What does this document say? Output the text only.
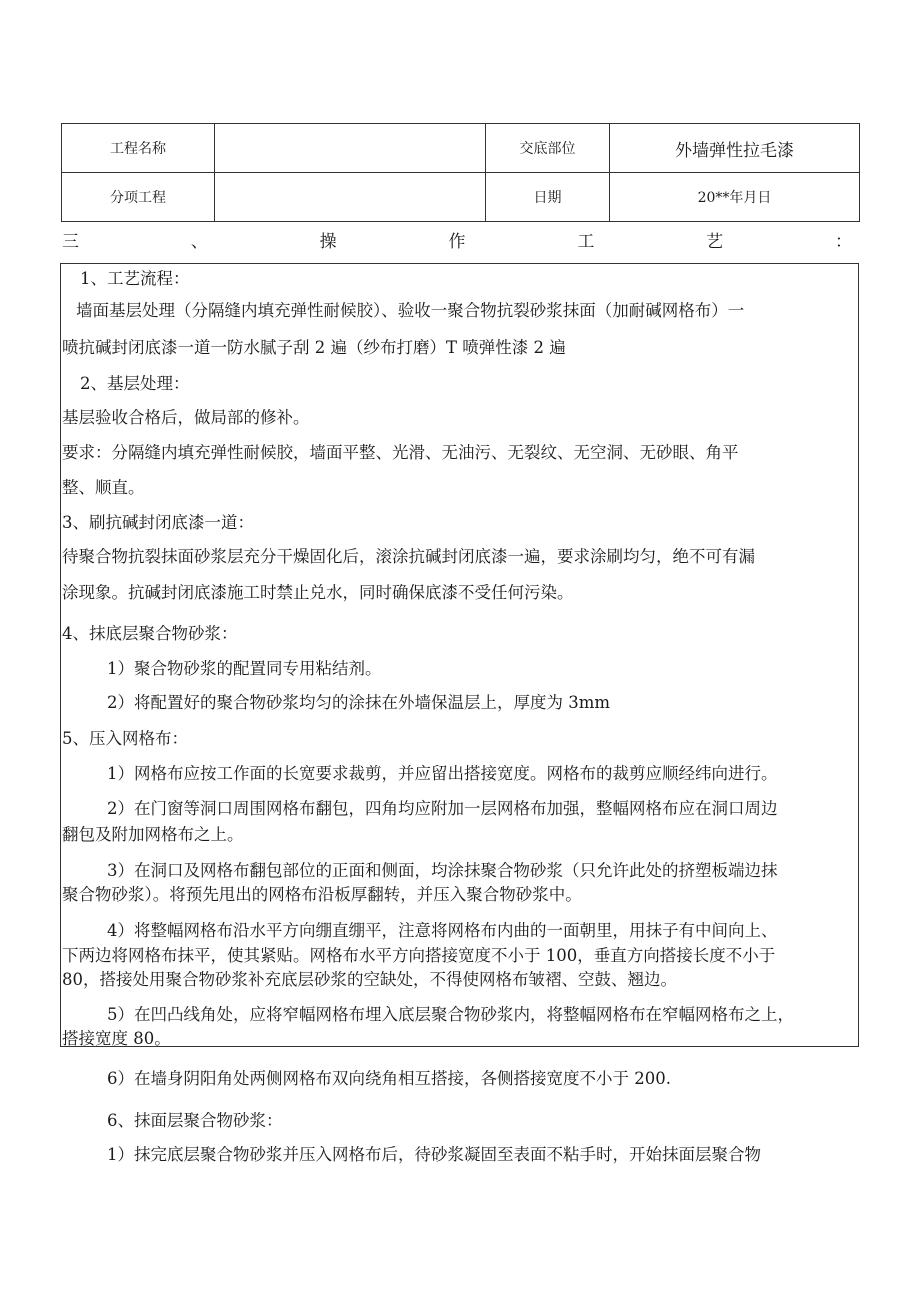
工程名称		交底部位	外墙弹性拉毛漆
分项工程		日期	20**年月日
三	、	操	作	工	艺	：
1、工艺流程：
墙面基层处理（分隔缝内填充弹性耐候胶）、验收一聚合物抗裂砂浆抹面（加耐碱网格布）一
喷抗碱封闭底漆一道一防水腻子刮 2 遍（纱布打磨）T 喷弹性漆 2 遍
2、基层处理：
基层验收合格后，做局部的修补。
要求：分隔缝内填充弹性耐候胶，墙面平整、光滑、无油污、无裂纹、无空洞、无砂眼、角平
整、顺直。
3、刷抗碱封闭底漆一道：
待聚合物抗裂抹面砂浆层充分干燥固化后，滚涂抗碱封闭底漆一遍，要求涂刷均匀，绝不可有漏
涂现象。抗碱封闭底漆施工时禁止兑水，同时确保底漆不受任何污染。
4、抹底层聚合物砂浆：
1）聚合物砂浆的配置同专用粘结剂。
2）将配置好的聚合物砂浆均匀的涂抹在外墙保温层上，厚度为 3mm
5、压入网格布：
1）网格布应按工作面的长宽要求裁剪，并应留出搭接宽度。网格布的裁剪应顺经纬向进行。
2）在门窗等洞口周围网格布翻包，四角均应附加一层网格布加强，整幅网格布应在洞口周边
翻包及附加网格布之上。
3）在洞口及网格布翻包部位的正面和侧面，均涂抹聚合物砂浆（只允许此处的挤塑板端边抹
聚合物砂浆）。将预先甩出的网格布沿板厚翻转，并压入聚合物砂浆中。
4）将整幅网格布沿水平方向绷直绷平，注意将网格布内曲的一面朝里，用抹子有中间向上、
下两边将网格布抹平，使其紧贴。网格布水平方向搭接宽度不小于 100，垂直方向搭接长度不小于
80，搭接处用聚合物砂浆补充底层砂浆的空缺处，不得使网格布皱褶、空鼓、翘边。
5）在凹凸线角处，应将窄幅网格布埋入底层聚合物砂浆内，将整幅网格布在窄幅网格布之上，
搭接宽度 80。
6）在墙身阴阳角处两侧网格布双向绕角相互搭接，各侧搭接宽度不小于 200.
6、抹面层聚合物砂浆：
1）抹完底层聚合物砂浆并压入网格布后，待砂浆凝固至表面不粘手时，开始抹面层聚合物
